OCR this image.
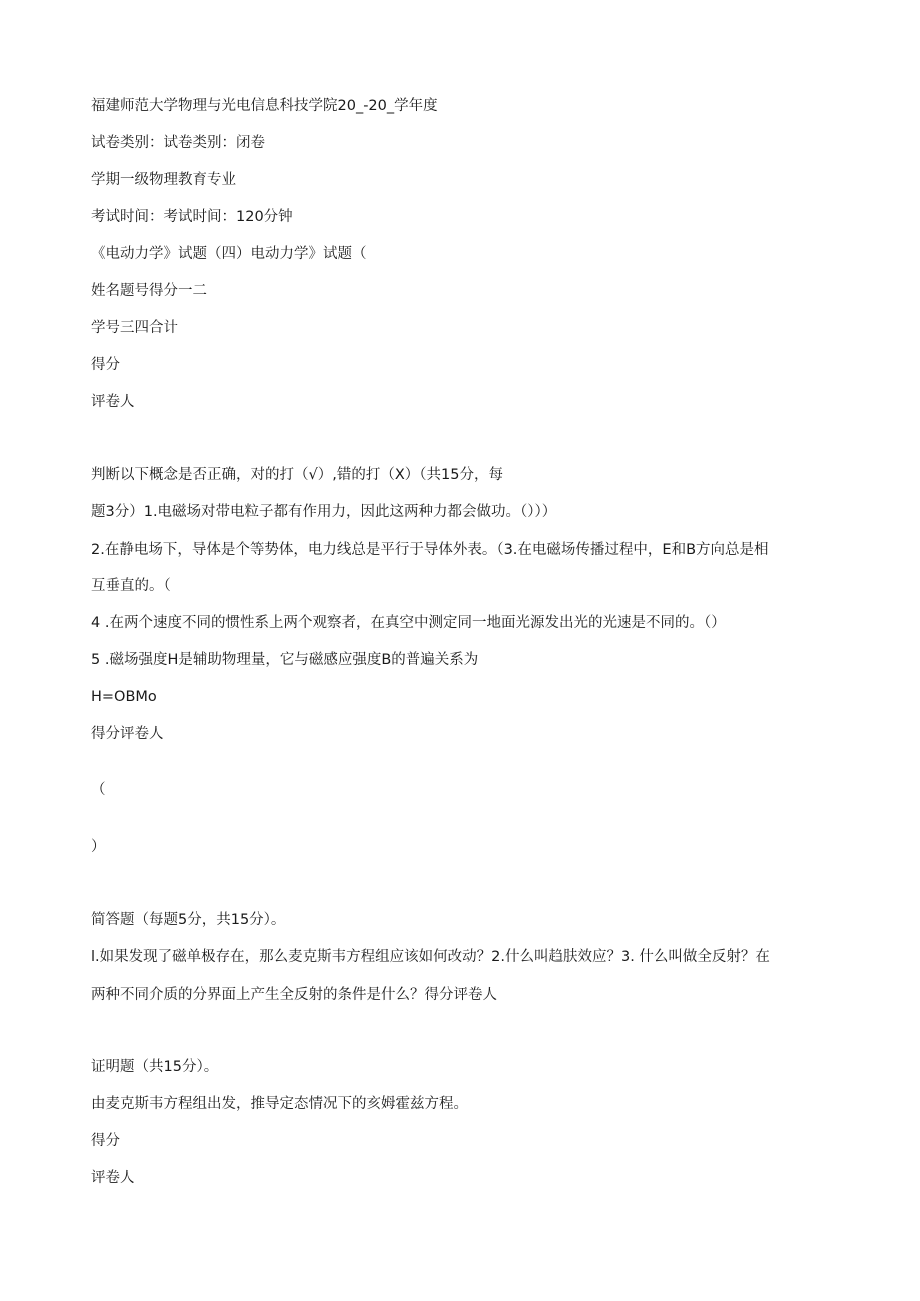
福建师范大学物理与光电信息科技学院20_-20_学年度
试卷类别：试卷类别：闭卷
学期一级物理教育专业
考试时间：考试时间：120分钟
《电动力学》试题（四）电动力学》试题（
姓名题号得分一二
学号三四合计
得分
评卷人
判断以下概念是否正确，对的打（√）,错的打（X）（共15分，每
题3分）1.电磁场对带电粒子都有作用力，因此这两种力都会做功。（）））
2.在静电场下，导体是个等势体，电力线总是平行于导体外表。（3.在电磁场传播过程中，E和B方向总是相
互垂直的。（
4 .在两个速度不同的惯性系上两个观察者，在真空中测定同一地面光源发出光的光速是不同的。（）
5 .磁场强度H是辅助物理量，它与磁感应强度B的普遍关系为
H=OBMo
得分评卷人
（
）
简答题（每题5分，共15分）。
l.如果发现了磁单极存在，那么麦克斯韦方程组应该如何改动？2.什么叫趋肤效应？3. 什么叫做全反射？在
两种不同介质的分界面上产生全反射的条件是什么？得分评卷人
证明题（共15分）。
由麦克斯韦方程组出发，推导定态情况下的亥姆霍兹方程。
得分
评卷人
